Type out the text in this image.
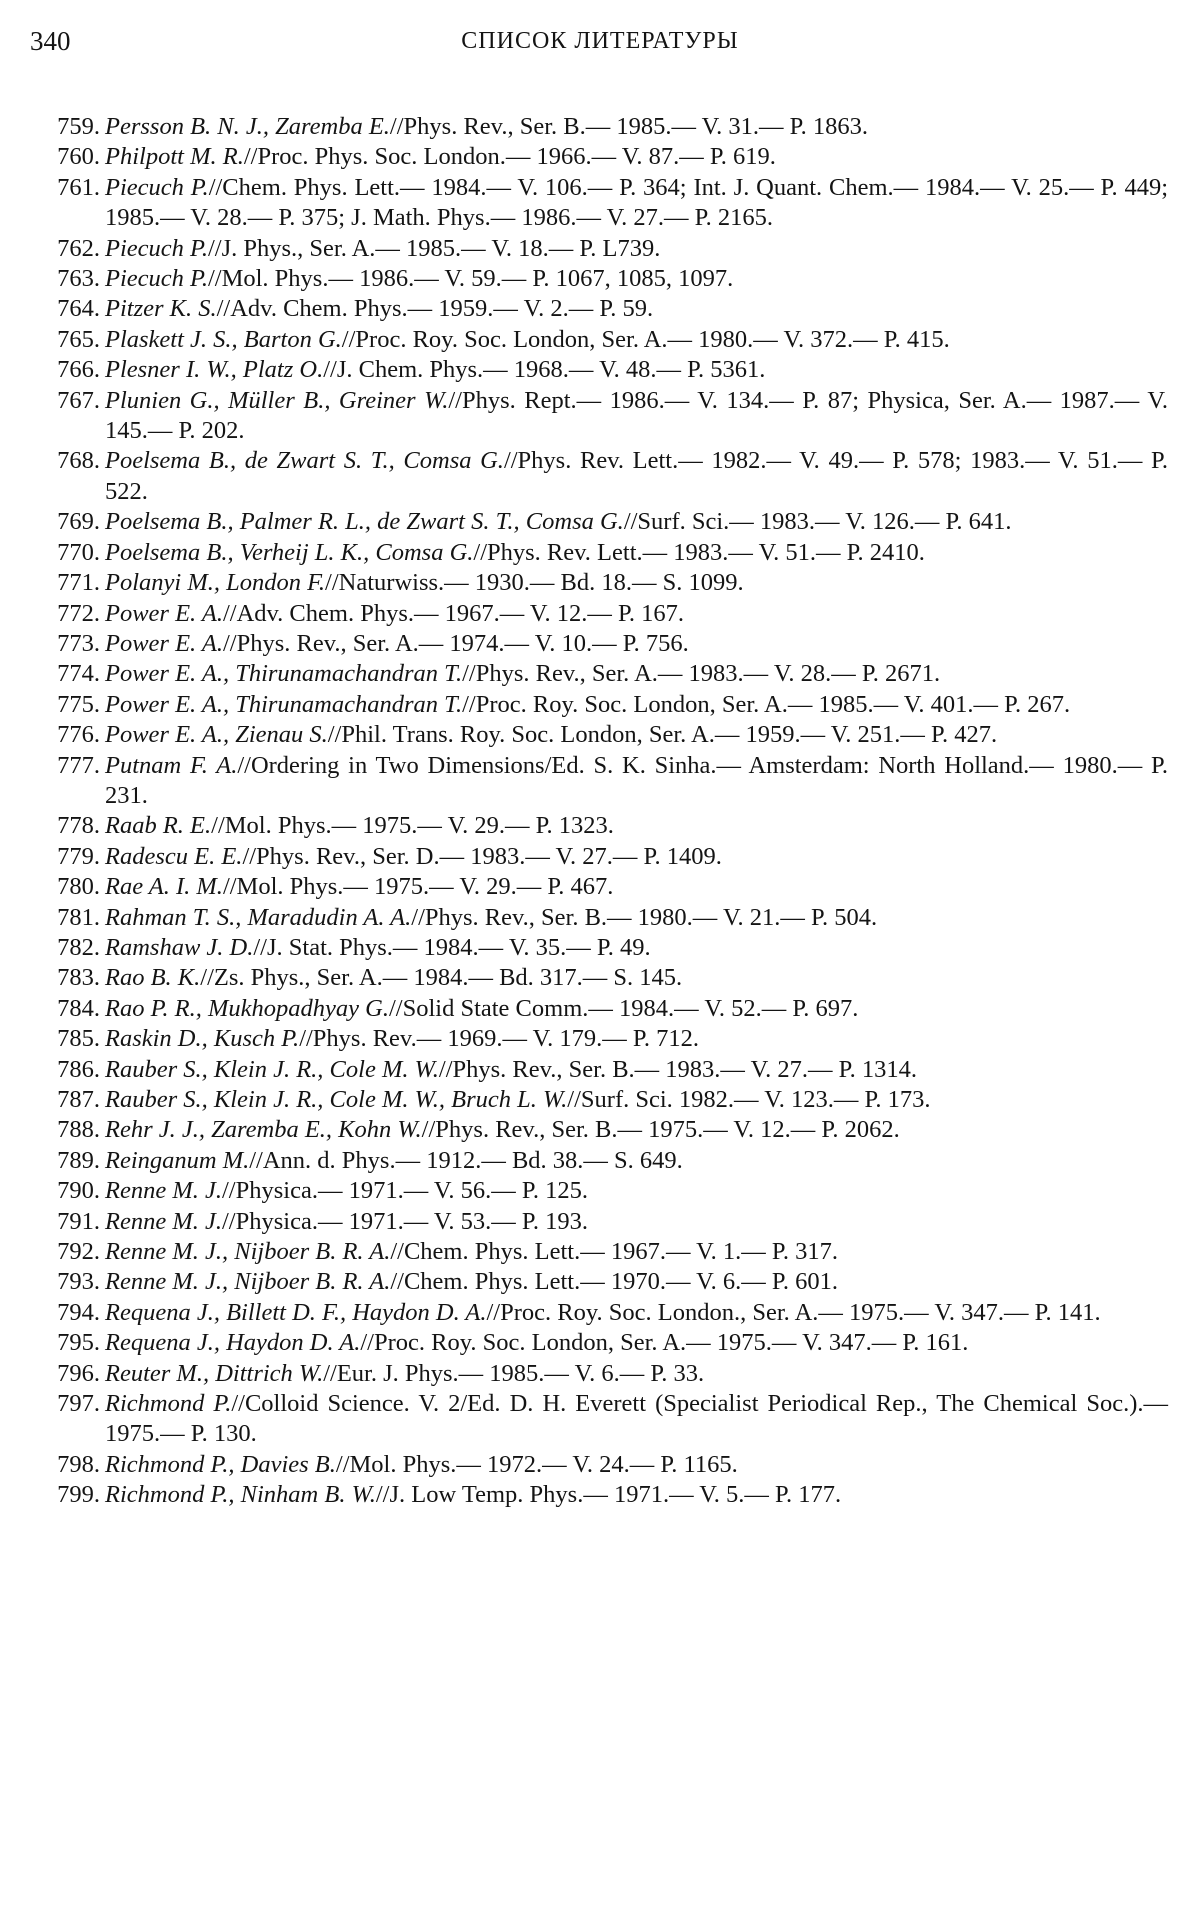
340	СПИСОК ЛИТЕРАТУРЫ
759. Persson B. N. J., Zaremba E.//Phys. Rev., Ser. B.— 1985.— V. 31.— P. 1863.
760. Philpott M. R.//Proc. Phys. Soc. London.— 1966.— V. 87.— P. 619.
761. Piecuch P.//Chem. Phys. Lett.— 1984.— V. 106.— P. 364; Int. J. Quant. Chem.— 1984.— V. 25.— P. 449; 1985.— V. 28.— P. 375; J. Math. Phys.— 1986.— V. 27.— P. 2165.
762. Piecuch P.//J. Phys., Ser. A.— 1985.— V. 18.— P. L739.
763. Piecuch P.//Mol. Phys.— 1986.— V. 59.— P. 1067, 1085, 1097.
764. Pitzer K. S.//Adv. Chem. Phys.— 1959.— V. 2.— P. 59.
765. Plaskett J. S., Barton G.//Proc. Roy. Soc. London, Ser. A.— 1980.— V. 372.— P. 415.
766. Plesner I. W., Platz O.//J. Chem. Phys.— 1968.— V. 48.— P. 5361.
767. Plunien G., Müller B., Greiner W.//Phys. Rept.— 1986.— V. 134.— P. 87; Physica, Ser. A.— 1987.— V. 145.— P. 202.
768. Poelsema B., de Zwart S. T., Comsa G.//Phys. Rev. Lett.— 1982.— V. 49.— P. 578; 1983.— V. 51.— P. 522.
769. Poelsema B., Palmer R. L., de Zwart S. T., Comsa G.//Surf. Sci.— 1983.— V. 126.— P. 641.
770. Poelsema B., Verheij L. K., Comsa G.//Phys. Rev. Lett.— 1983.— V. 51.— P. 2410.
771. Polanyi M., London F.//Naturwiss.— 1930.— Bd. 18.— S. 1099.
772. Power E. A.//Adv. Chem. Phys.— 1967.— V. 12.— P. 167.
773. Power E. A.//Phys. Rev., Ser. A.— 1974.— V. 10.— P. 756.
774. Power E. A., Thirunamachandran T.//Phys. Rev., Ser. A.— 1983.— V. 28.— P. 2671.
775. Power E. A., Thirunamachandran T.//Proc. Roy. Soc. London, Ser. A.— 1985.— V. 401.— P. 267.
776. Power E. A., Zienau S.//Phil. Trans. Roy. Soc. London, Ser. A.— 1959.— V. 251.— P. 427.
777. Putnam F. A.//Ordering in Two Dimensions/Ed. S. K. Sinha.— Amsterdam: North Holland.— 1980.— P. 231.
778. Raab R. E.//Mol. Phys.— 1975.— V. 29.— P. 1323.
779. Radescu E. E.//Phys. Rev., Ser. D.— 1983.— V. 27.— P. 1409.
780. Rae A. I. M.//Mol. Phys.— 1975.— V. 29.— P. 467.
781. Rahman T. S., Maradudin A. A.//Phys. Rev., Ser. B.— 1980.— V. 21.— P. 504.
782. Ramshaw J. D.//J. Stat. Phys.— 1984.— V. 35.— P. 49.
783. Rao B. K.//Zs. Phys., Ser. A.— 1984.— Bd. 317.— S. 145.
784. Rao P. R., Mukhopadhyay G.//Solid State Comm.— 1984.— V. 52.— P. 697.
785. Raskin D., Kusch P.//Phys. Rev.— 1969.— V. 179.— P. 712.
786. Rauber S., Klein J. R., Cole M. W.//Phys. Rev., Ser. B.— 1983.— V. 27.— P. 1314.
787. Rauber S., Klein J. R., Cole M. W., Bruch L. W.//Surf. Sci. 1982.— V. 123.— P. 173.
788. Rehr J. J., Zaremba E., Kohn W.//Phys. Rev., Ser. B.— 1975.— V. 12.— P. 2062.
789. Reinganum M.//Ann. d. Phys.— 1912.— Bd. 38.— S. 649.
790. Renne M. J.//Physica.— 1971.— V. 56.— P. 125.
791. Renne M. J.//Physica.— 1971.— V. 53.— P. 193.
792. Renne M. J., Nijboer B. R. A.//Chem. Phys. Lett.— 1967.— V. 1.— P. 317.
793. Renne M. J., Nijboer B. R. A.//Chem. Phys. Lett.— 1970.— V. 6.— P. 601.
794. Requena J., Billett D. F., Haydon D. A.//Proc. Roy. Soc. London., Ser. A.— 1975.— V. 347.— P. 141.
795. Requena J., Haydon D. A.//Proc. Roy. Soc. London, Ser. A.— 1975.— V. 347.— P. 161.
796. Reuter M., Dittrich W.//Eur. J. Phys.— 1985.— V. 6.— P. 33.
797. Richmond P.//Colloid Science. V. 2/Ed. D. H. Everett (Specialist Periodical Rep., The Chemical Soc.).— 1975.— P. 130.
798. Richmond P., Davies B.//Mol. Phys.— 1972.— V. 24.— P. 1165.
799. Richmond P., Ninham B. W.//J. Low Temp. Phys.— 1971.— V. 5.— P. 177.
